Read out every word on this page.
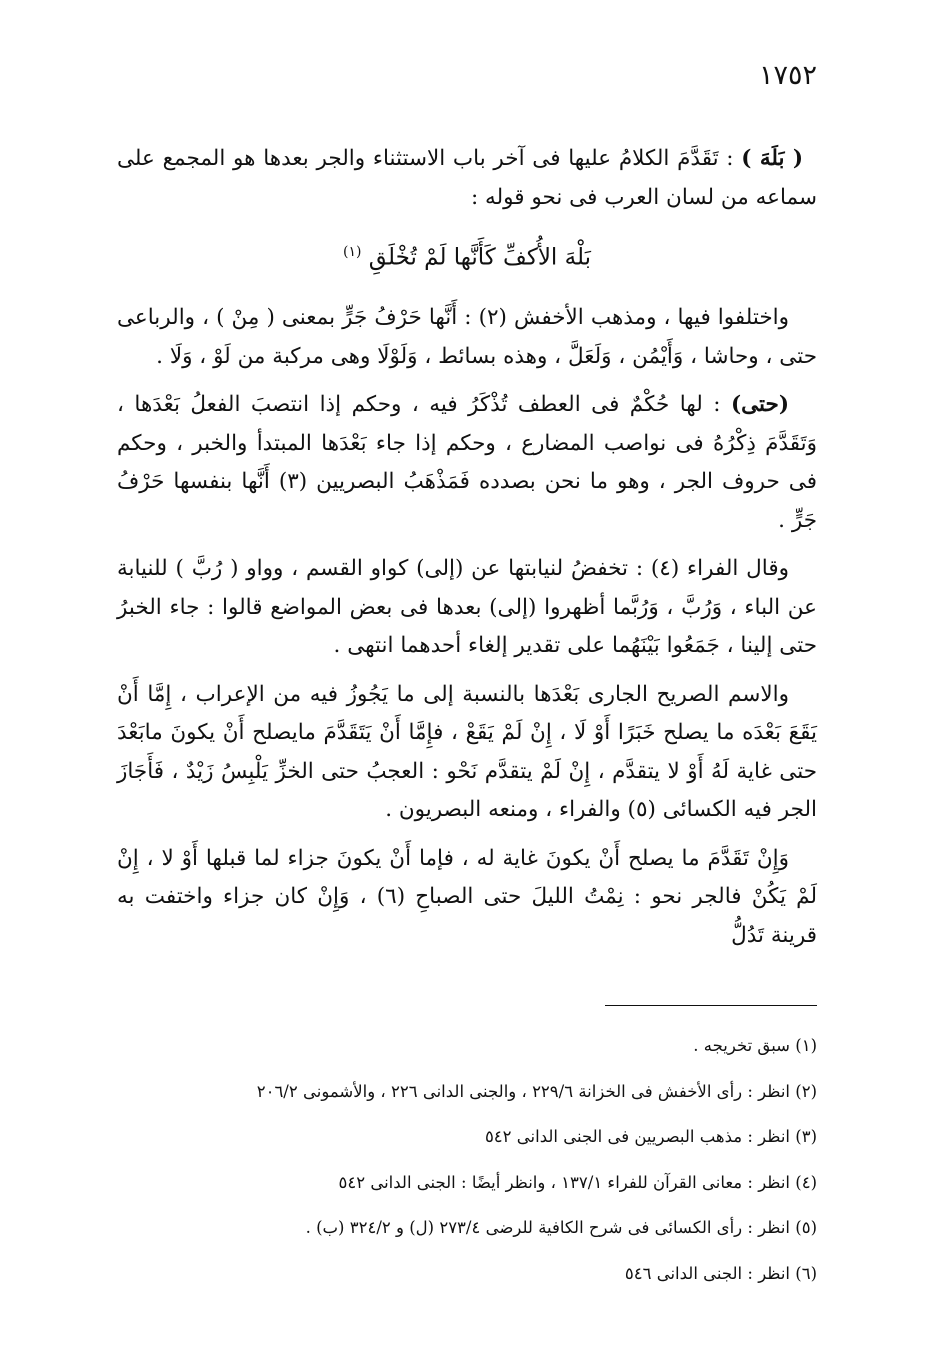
١٧٥٢

( بَلَهَ ) : تَقَدَّمَ الكلامُ عليها فى آخر باب الاستثناء والجر بعدها هو المجمع على سماعه من لسان العرب فى نحو قوله :

بَلْهَ الأُكفِّ كَأَنَّها لَمْ تُخْلَقِ $^{(١)}$

واختلفوا فيها ، ومذهب الأخفش (٢) : أَنَّها حَرْفُ جَرٍّ بمعنى ( مِنْ ) ، والرباعى حتى ، وحاشا ، وَأَيْمُن ، وَلَعَلَّ ، وهذه بسائط ، وَلَوْلَا وهى مركبة من لَوْ ، وَلَا .

(حتى) : لها حُكْمٌ فى العطف تُذْكَرُ فيه ، وحكم إذا انتصبَ الفعلُ بَعْدَها ، وَتَقَدَّمَ ذِكْرُهُ فى نواصب المضارع ، وحكم إذا جاء بَعْدَها المبتدأ والخبر ، وحكم فى حروف الجر ، وهو ما نحن بصدده فَمَذْهَبُ البصريين (٣) أَنَّها بنفسها حَرْفُ جَرٍّ .

وقال الفراء (٤) : تخفضُ لنيابتها عن (إلى) كواو القسم ، وواو ( رُبَّ ) للنيابة عن الباء ، وَرُبَّ ، وَرُبَّما أظهروا (إلى) بعدها فى بعض المواضع قالوا : جاء الخبرُ حتى إلينا ، جَمَعُوا بَيْنَهُما على تقدير إلغاء أحدهما انتهى .

والاسم الصريح الجارى بَعْدَها بالنسبة إلى ما يَجُوزُ فيه من الإعراب ، إِمَّا أَنْ يَقَعَ بَعْدَه ما يصلح خَبَرًا أَوْ لَا ، إِنْ لَمْ يَقَعْ ، فإِمَّا أَنْ يَتَقَدَّمَ مايصلح أَنْ يكونَ مابَعْدَ حتى غاية لَهُ أَوْ لا يتقدَّم ، إِنْ لَمْ يتقدَّم نَحْو : العجبُ حتى الخزِّ يَلْبِسُ زَيْدٌ ، فَأَجَازَ الجر فيه الكسائى (٥) والفراء ، ومنعه البصريون .

وَإِنْ تَقَدَّمَ ما يصلح أَنْ يكونَ غاية له ، فإما أَنْ يكونَ جزاء لما قبلها أَوْ لا ، إِنْ لَمْ يَكُنْ فالجر نحو : نِمْتُ الليلَ حتى الصباحِ (٦) ، وَإِنْ كان جزاء واختفت به قرينة تَدُلُّ

(١) سبق تخريجه .
(٢) انظر : رأى الأخفش فى الخزانة ٢٢٩/٦ ، والجنى الدانى ٢٢٦ ، والأشمونى ٢٠٦/٢
(٣) انظر : مذهب البصريين فى الجنى الدانى ٥٤٢
(٤) انظر : معانى القرآن للفراء ١٣٧/١ ، وانظر أيضًا : الجنى الدانى ٥٤٢
(٥) انظر : رأى الكسائى فى شرح الكافية للرضى ٢٧٣/٤ (ل) و ٣٢٤/٢ (ب) .
(٦) انظر : الجنى الدانى ٥٤٦
